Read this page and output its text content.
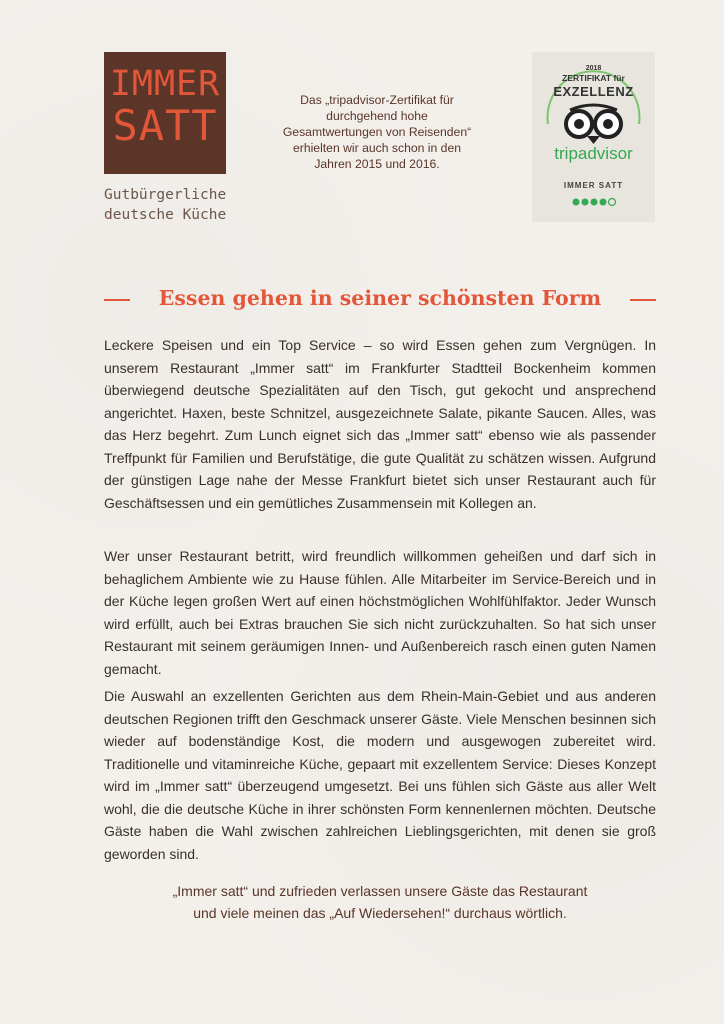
IMMER
SATT
Gutbürgerliche
deutsche Küche
Das „tripadvisor-Zertifikat für durchgehend hohe Gesamtwertungen von Reisenden“ erhielten wir auch schon in den Jahren 2015 und 2016.
2018
ZERTIFIKAT für
EXZELLENZ
tripadvisor
IMMER SATT
Essen gehen in seiner schönsten Form

Leckere Speisen und ein Top Service – so wird Essen gehen zum Vergnügen. In unserem Restaurant „Immer satt“ im Frankfurter Stadtteil Bockenheim kommen überwiegend deutsche Spezialitäten auf den Tisch, gut gekocht und ansprechend angerichtet. Haxen, beste Schnitzel, ausgezeichnete Salate, pikante Saucen. Alles, was das Herz begehrt. Zum Lunch eignet sich das „Immer satt“ ebenso wie als passender Treffpunkt für Familien und Berufstätige, die gute Qualität zu schätzen wissen. Aufgrund der günstigen Lage nahe der Messe Frankfurt bietet sich unser Restaurant auch für Geschäftsessen und ein gemütliches Zusammensein mit Kollegen an.

Wer unser Restaurant betritt, wird freundlich willkommen geheißen und darf sich in behaglichem Ambiente wie zu Hause fühlen. Alle Mitarbeiter im Service-Bereich und in der Küche legen großen Wert auf einen höchstmöglichen Wohlfühlfaktor. Jeder Wunsch wird erfüllt, auch bei Extras brauchen Sie sich nicht zurückzuhalten. So hat sich unser Restaurant mit seinem geräumigen Innen- und Außenbereich rasch einen guten Namen gemacht.

Die Auswahl an exzellenten Gerichten aus dem Rhein-Main-Gebiet und aus anderen deutschen Regionen trifft den Geschmack unserer Gäste. Viele Menschen besinnen sich wieder auf bodenständige Kost, die modern und ausgewogen zubereitet wird. Traditionelle und vitaminreiche Küche, gepaart mit exzellentem Service: Dieses Konzept wird im „Immer satt“ überzeugend umgesetzt. Bei uns fühlen sich Gäste aus aller Welt wohl, die die deutsche Küche in ihrer schönsten Form kennenlernen möchten. Deutsche Gäste haben die Wahl zwischen zahlreichen Lieblingsgerichten, mit denen sie groß geworden sind.

„Immer satt“ und zufrieden verlassen unsere Gäste das Restaurant
und viele meinen das „Auf Wiedersehen!“ durchaus wörtlich.
